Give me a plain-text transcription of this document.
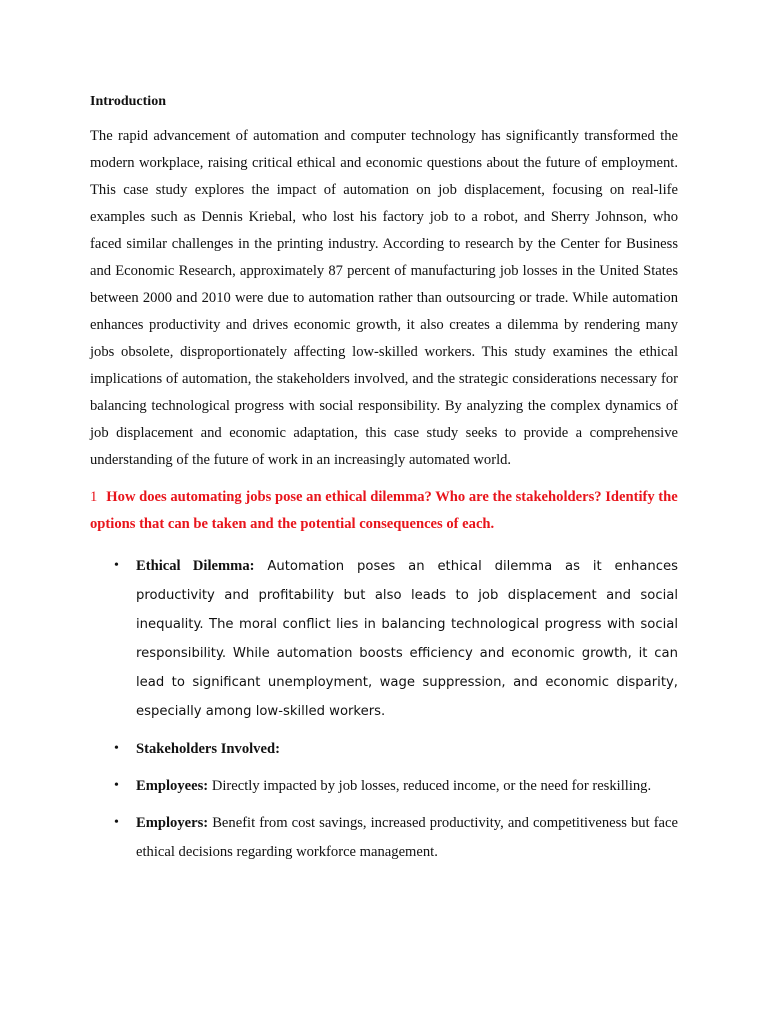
Introduction

The rapid advancement of automation and computer technology has significantly transformed the modern workplace, raising critical ethical and economic questions about the future of employment. This case study explores the impact of automation on job displacement, focusing on real-life examples such as Dennis Kriebal, who lost his factory job to a robot, and Sherry Johnson, who faced similar challenges in the printing industry. According to research by the Center for Business and Economic Research, approximately 87 percent of manufacturing job losses in the United States between 2000 and 2010 were due to automation rather than outsourcing or trade. While automation enhances productivity and drives economic growth, it also creates a dilemma by rendering many jobs obsolete, disproportionately affecting low-skilled workers. This study examines the ethical implications of automation, the stakeholders involved, and the strategic considerations necessary for balancing technological progress with social responsibility. By analyzing the complex dynamics of job displacement and economic adaptation, this case study seeks to provide a comprehensive understanding of the future of work in an increasingly automated world.

1 How does automating jobs pose an ethical dilemma? Who are the stakeholders? Identify the options that can be taken and the potential consequences of each.
• Ethical Dilemma: Automation poses an ethical dilemma as it enhances productivity and profitability but also leads to job displacement and social inequality. The moral conflict lies in balancing technological progress with social responsibility. While automation boosts efficiency and economic growth, it can lead to significant unemployment, wage suppression, and economic disparity, especially among low-skilled workers.
• Stakeholders Involved:
• Employees: Directly impacted by job losses, reduced income, or the need for reskilling.
• Employers: Benefit from cost savings, increased productivity, and competitiveness but face ethical decisions regarding workforce management.
